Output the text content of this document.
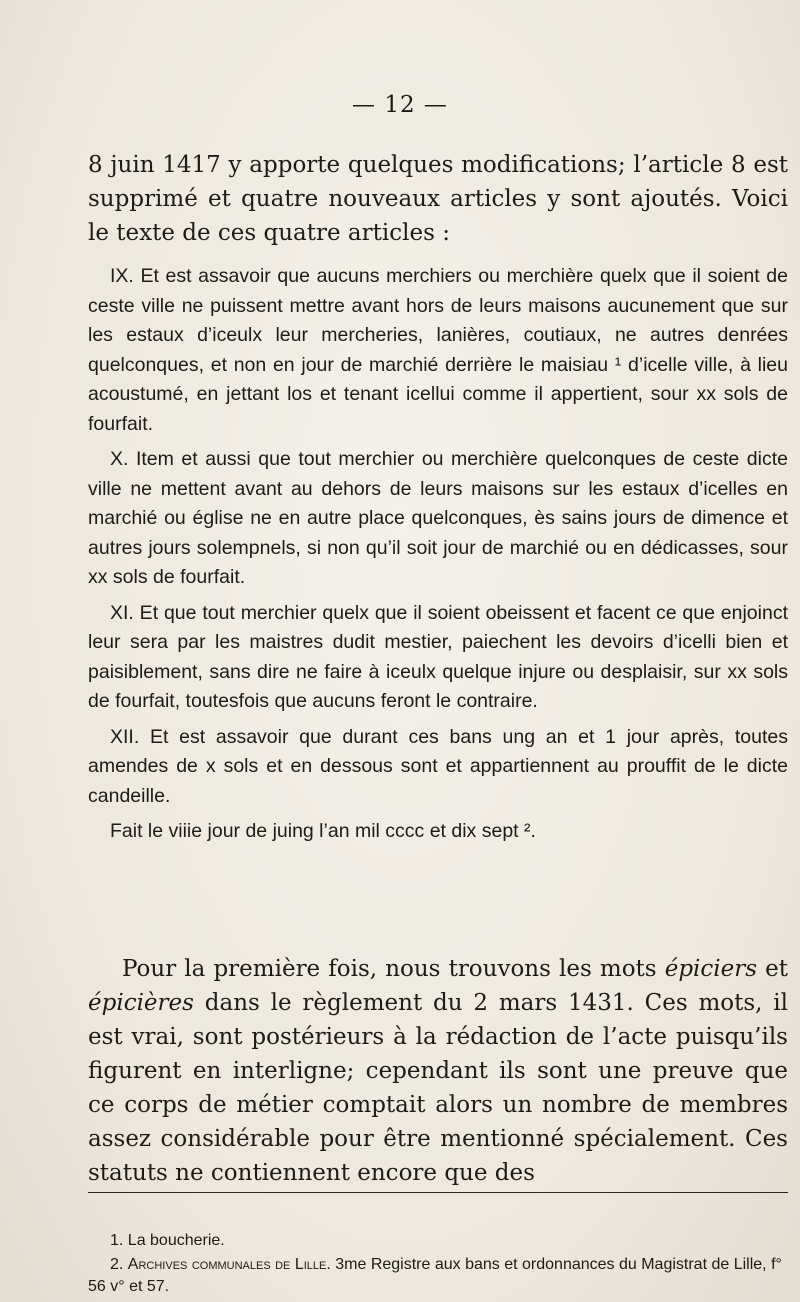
— 12 —

8 juin 1417 y apporte quelques modifications; l’article 8 est supprimé et quatre nouveaux articles y sont ajoutés. Voici le texte de ces quatre articles :

IX. Et est assavoir que aucuns merchiers ou merchière quelx que il soient de ceste ville ne puissent mettre avant hors de leurs maisons aucunement que sur les estaux d’iceulx leur mercheries, lanières, coutiaux, ne autres denrées quelconques, et non en jour de marchié derrière le maisiau ¹ d’icelle ville, à lieu acoustumé, en jettant los et tenant icellui comme il appertient, sour xx sols de fourfait.

X. Item et aussi que tout merchier ou merchière quelconques de ceste dicte ville ne mettent avant au dehors de leurs maisons sur les estaux d’icelles en marchié ou église ne en autre place quelconques, ès sains jours de dimence et autres jours solempnels, si non qu’il soit jour de marchié ou en dédicasses, sour xx sols de fourfait.

XI. Et que tout merchier quelx que il soient obeissent et facent ce que enjoinct leur sera par les maistres dudit mestier, paiechent les devoirs d’icelli bien et paisiblement, sans dire ne faire à iceulx quelque injure ou desplaisir, sur xx sols de fourfait, toutesfois que aucuns feront le contraire.

XII. Et est assavoir que durant ces bans ung an et 1 jour après, toutes amendes de x sols et en dessous sont et appartiennent au prouffit de le dicte candeille.

Fait le viiie jour de juing l’an mil cccc et dix sept ².

Pour la première fois, nous trouvons les mots épiciers et épicières dans le règlement du 2 mars 1431. Ces mots, il est vrai, sont postérieurs à la rédaction de l’acte puisqu’ils figurent en interligne; cependant ils sont une preuve que ce corps de métier comptait alors un nombre de membres assez considérable pour être mentionné spécialement. Ces statuts ne contiennent encore que des

1. La boucherie.

2. Archives communales de Lille. 3me Registre aux bans et ordonnances du Magistrat de Lille, f° 56 v° et 57.
